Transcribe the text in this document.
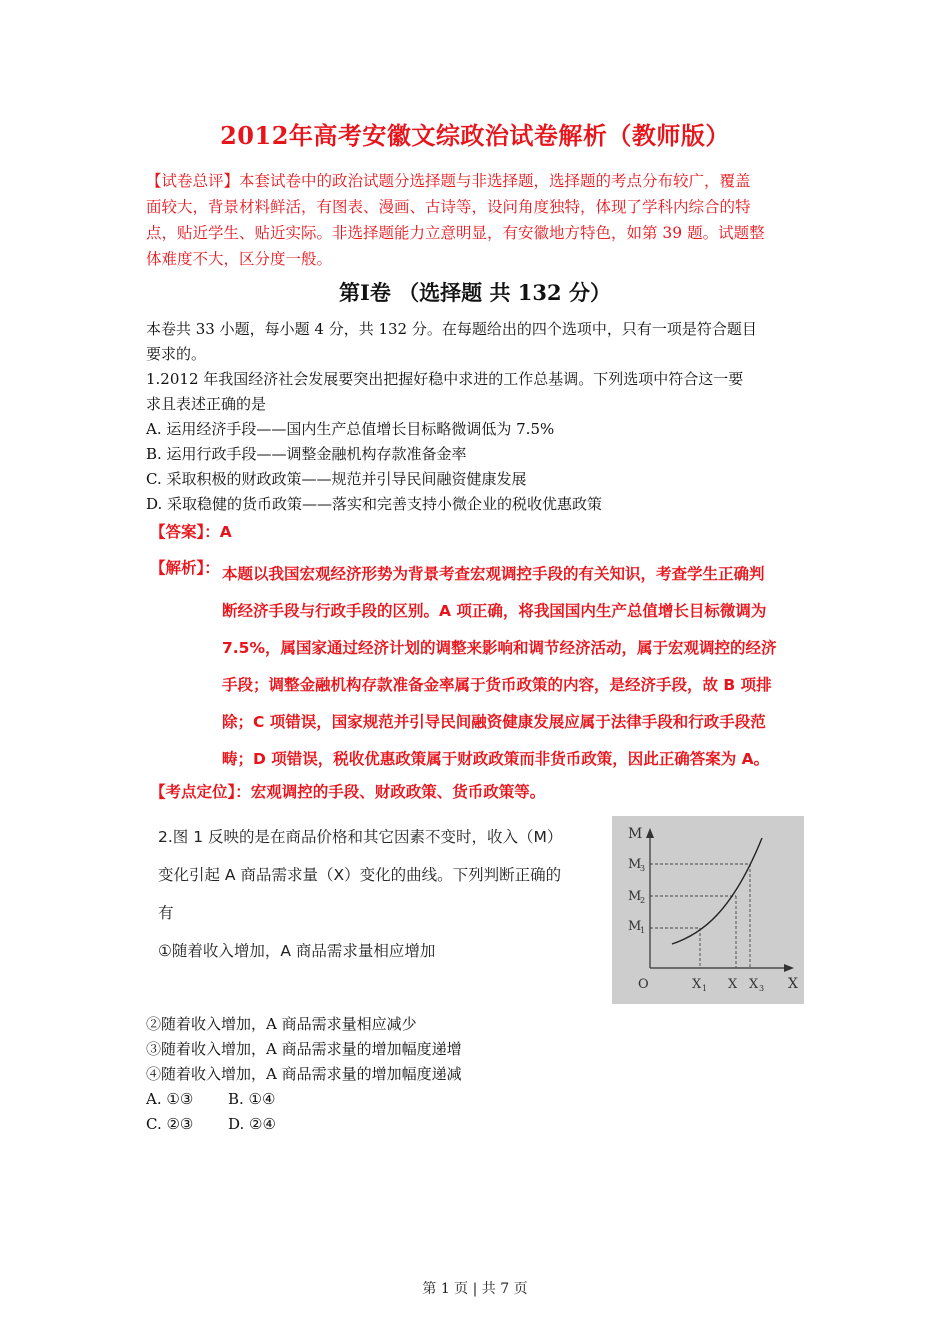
2012年高考安徽文综政治试卷解析（教师版）
【试卷总评】本套试卷中的政治试题分选择题与非选择题，选择题的考点分布较广，覆盖
面较大，背景材料鲜活，有图表、漫画、古诗等，设问角度独特，体现了学科内综合的特
点，贴近学生、贴近实际。非选择题能力立意明显，有安徽地方特色，如第 39 题。试题整
体难度不大，区分度一般。
第Ⅰ卷 （选择题 共 132 分）
本卷共 33 小题，每小题 4 分，共 132 分。在每题给出的四个选项中，只有一项是符合题目
要求的。
1.2012 年我国经济社会发展要突出把握好稳中求进的工作总基调。下列选项中符合这一要
求且表述正确的是
A. 运用经济手段——国内生产总值增长目标略微调低为 7.5%
B. 运用行政手段——调整金融机构存款准备金率
C. 采取积极的财政政策——规范并引导民间融资健康发展
D. 采取稳健的货币政策——落实和完善支持小微企业的税收优惠政策
【答案】：A
【解析】： 本题以我国宏观经济形势为背景考查宏观调控手段的有关知识，考查学生正确判
断经济手段与行政手段的区别。A 项正确，将我国国内生产总值增长目标微调为
7.5%，属国家通过经济计划的调整来影响和调节经济活动，属于宏观调控的经济
手段；调整金融机构存款准备金率属于货币政策的内容，是经济手段，故 B 项排
除；C 项错误，国家规范并引导民间融资健康发展应属于法律手段和行政手段范
畴；D 项错误，税收优惠政策属于财政政策而非货币政策，因此正确答案为 A。
【考点定位】：宏观调控的手段、财政政策、货币政策等。
2.图 1 反映的是在商品价格和其它因素不变时，收入（M）
变化引起 A 商品需求量（X）变化的曲线。下列判断正确的
有
①随着收入增加，A 商品需求量相应增加
M
X
O
M
3
M
2
M
1
X 1 X X 3
②随着收入增加，A 商品需求量相应减少
③随着收入增加，A 商品需求量的增加幅度递增
④随着收入增加，A 商品需求量的增加幅度递减
A. ①③ B. ①④
C. ②③ D. ②④
第 1 页 | 共 7 页
